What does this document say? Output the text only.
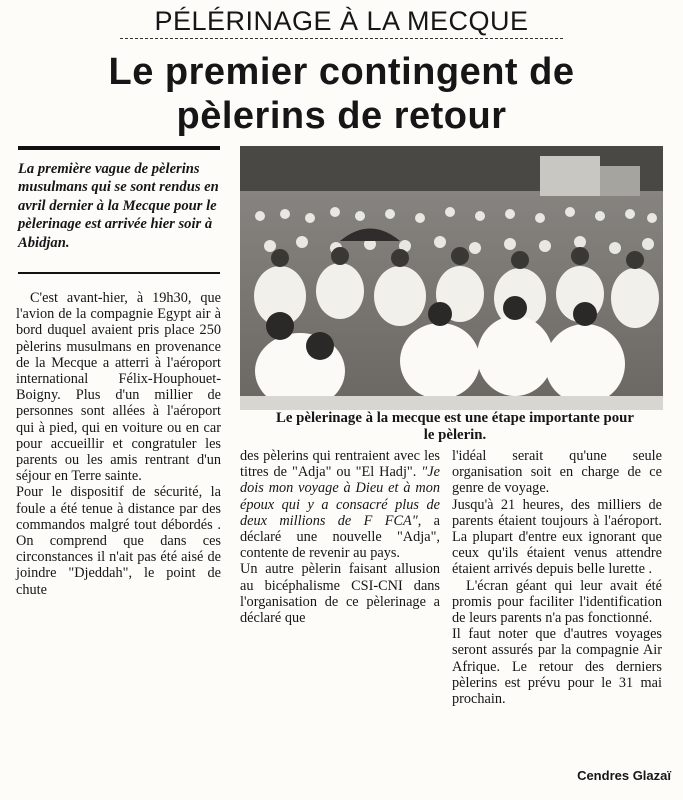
PÉLÉRINAGE À LA MECQUE
Le premier contingent de
pèlerins de retour
La première vague de pèlerins musulmans qui se sont rendus en avril dernier à la Mecque pour le pèlerinage est arrivée hier soir à Abidjan.
Le pèlerinage à la mecque est une étape importante pour
le pèlerin.

C'est avant-hier, à 19h30, que l'avion de la compagnie Egypt air à bord duquel avaient pris place 250 pèlerins musulmans en provenance de la Mecque a atterri à l'aéroport international Félix-Houphouet-Boigny. Plus d'un millier de personnes sont allées à l'aéroport qui à pied, qui en voiture ou en car pour accueillir et congratuler les parents ou les amis rentrant d'un séjour en Terre sainte.

Pour le dispositif de sécurité, la foule a été tenue à distance par des commandos malgré tout débordés . On comprend que dans ces circonstances il n'ait pas été aisé de joindre "Djeddah", le point de chute

des pèlerins qui rentraient avec les titres de "Adja" ou "El Hadj". "Je dois mon voyage à Dieu et à mon époux qui y a consacré plus de deux millions de F FCA", a déclaré une nouvelle "Adja", contente de revenir au pays.

Un autre pèlerin faisant allusion au bicéphalisme CSI-CNI dans l'organisation de ce pèlerinage a déclaré que

l'idéal serait qu'une seule organisation soit en charge de ce genre de voyage.

Jusqu'à 21 heures, des milliers de parents étaient toujours à l'aéroport. La plupart d'entre eux ignorant que ceux qu'ils étaient venus attendre étaient arrivés depuis belle lurette .

L'écran géant qui leur avait été promis pour faciliter l'identification de leurs parents n'a pas fonctionné.

Il faut noter que d'autres voyages seront assurés par la compagnie Air Afrique. Le retour des derniers pèlerins est prévu pour le 31 mai prochain.

Cendres Glazaï
